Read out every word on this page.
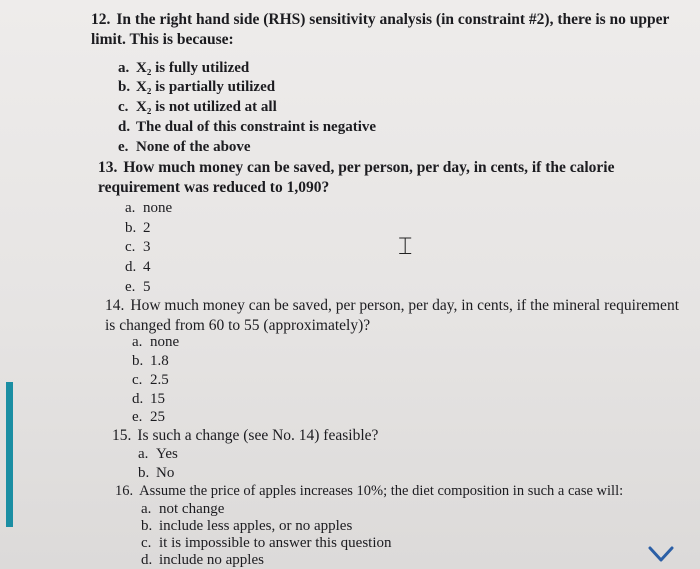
12. In the right hand side (RHS) sensitivity analysis (in constraint #2), there is no upper limit. This is because:
a. X₂ is fully utilized
b. X₂ is partially utilized
c. X₂ is not utilized at all
d. The dual of this constraint is negative
e. None of the above
13. How much money can be saved, per person, per day, in cents, if the calorie requirement was reduced to 1,090?
a. none
b. 2
c. 3
d. 4
e. 5
⌶
14. How much money can be saved, per person, per day, in cents, if the mineral requirement is changed from 60 to 55 (approximately)?
a. none
b. 1.8
c. 2.5
d. 15
e. 25
15. Is such a change (see No. 14) feasible?
a. Yes
b. No
16. Assume the price of apples increases 10%; the diet composition in such a case will:
a. not change
b. include less apples, or no apples
c. it is impossible to answer this question
d. include no apples
